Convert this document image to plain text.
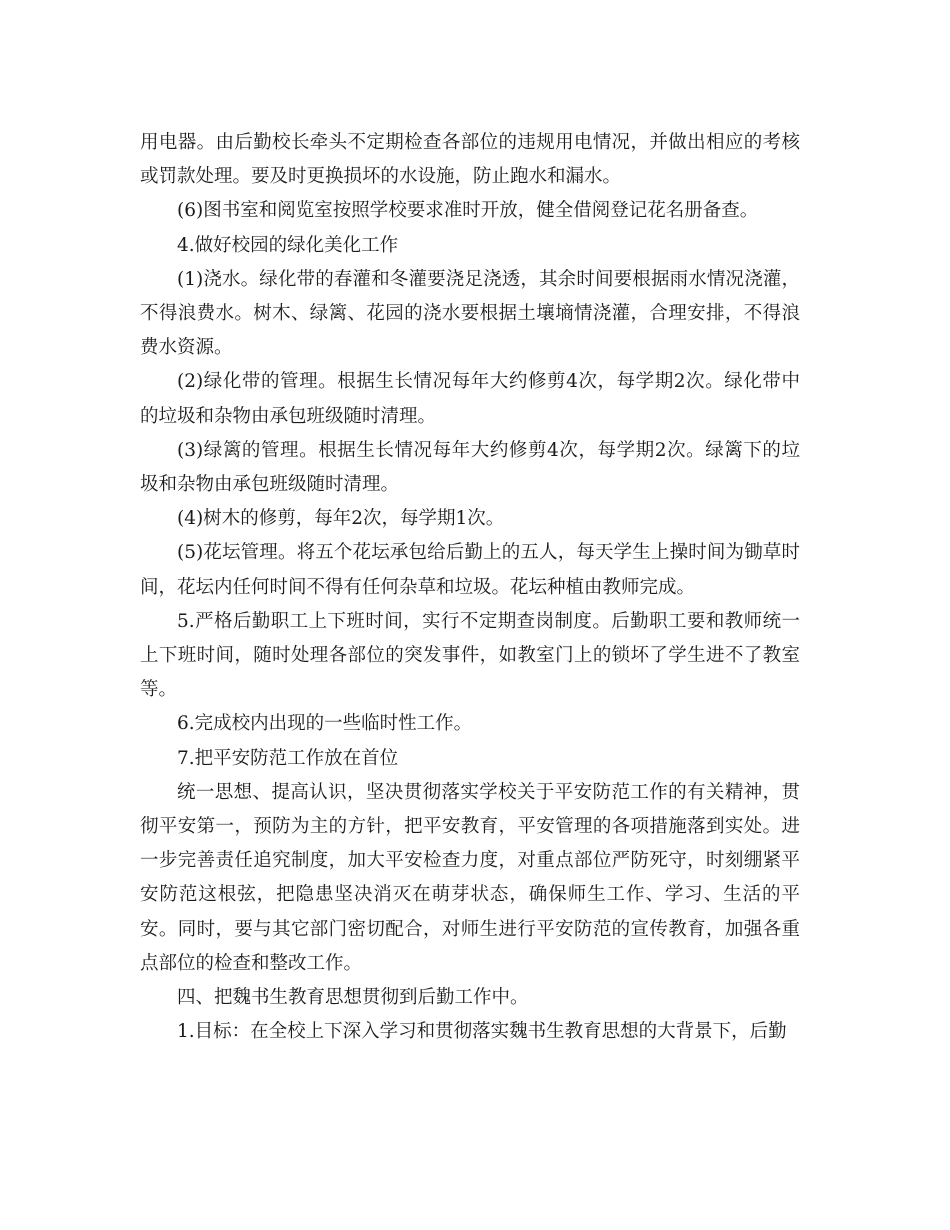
用电器。由后勤校长牵头不定期检查各部位的违规用电情况，并做出相应的考核或罚款处理。要及时更换损坏的水设施，防止跑水和漏水。

(6)图书室和阅览室按照学校要求准时开放，健全借阅登记花名册备查。

4.做好校园的绿化美化工作

(1)浇水。绿化带的春灌和冬灌要浇足浇透，其余时间要根据雨水情况浇灌，不得浪费水。树木、绿篱、花园的浇水要根据土壤墒情浇灌，合理安排，不得浪费水资源。

(2)绿化带的管理。根据生长情况每年大约修剪4次，每学期2次。绿化带中的垃圾和杂物由承包班级随时清理。

(3)绿篱的管理。根据生长情况每年大约修剪4次，每学期2次。绿篱下的垃圾和杂物由承包班级随时清理。

(4)树木的修剪，每年2次，每学期1次。

(5)花坛管理。将五个花坛承包给后勤上的五人，每天学生上操时间为锄草时间，花坛内任何时间不得有任何杂草和垃圾。花坛种植由教师完成。

5.严格后勤职工上下班时间，实行不定期查岗制度。后勤职工要和教师统一上下班时间，随时处理各部位的突发事件，如教室门上的锁坏了学生进不了教室等。

6.完成校内出现的一些临时性工作。

7.把平安防范工作放在首位

统一思想、提高认识，坚决贯彻落实学校关于平安防范工作的有关精神，贯彻平安第一，预防为主的方针，把平安教育，平安管理的各项措施落到实处。进一步完善责任追究制度，加大平安检查力度，对重点部位严防死守，时刻绷紧平安防范这根弦，把隐患坚决消灭在萌芽状态，确保师生工作、学习、生活的平安。同时，要与其它部门密切配合，对师生进行平安防范的宣传教育，加强各重点部位的检查和整改工作。

四、把魏书生教育思想贯彻到后勤工作中。

1.目标：在全校上下深入学习和贯彻落实魏书生教育思想的大背景下，后勤
